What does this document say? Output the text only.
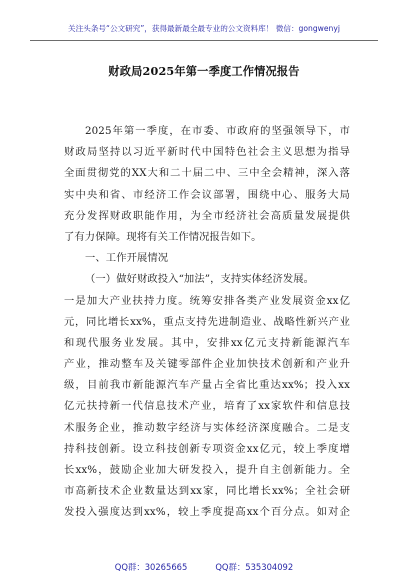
关注头条号“公文研究”，获得最新最全最专业的公文资料库！ 微信：gongwenyj
财政局2025年第一季度工作情况报告
2025年第一季度，在市委、市政府的坚强领导下，市
财政局坚持以习近平新时代中国特色社会主义思想为指导
全面贯彻党的XX大和二十届二中、三中全会精神，深入落
实中央和省、市经济工作会议部署，围绕中心、服务大局
充分发挥财政职能作用，为全市经济社会高质量发展提供
了有力保障。现将有关工作情况报告如下。
一、工作开展情况
（一）做好财政投入“加法”，支持实体经济发展。
一是加大产业扶持力度。统筹安排各类产业发展资金xx亿
元，同比增长xx%，重点支持先进制造业、战略性新兴产业
和现代服务业发展。其中，安排xx亿元支持新能源汽车
产业，推动整车及关键零部件企业加快技术创新和产业升
级，目前我市新能源汽车产量占全省比重达xx%；投入xx
亿元扶持新一代信息技术产业，培育了xx家软件和信息技
术服务企业，推动数字经济与实体经济深度融合。二是支
持科技创新。设立科技创新专项资金xx亿元，较上季度增
长xx%，鼓励企业加大研发投入，提升自主创新能力。全
市高新技术企业数量达到xx家，同比增长xx%；全社会研
发投入强度达到xx%，较上季度提高xx个百分点。如对企
QQ群：30265665	QQ群：535304092
